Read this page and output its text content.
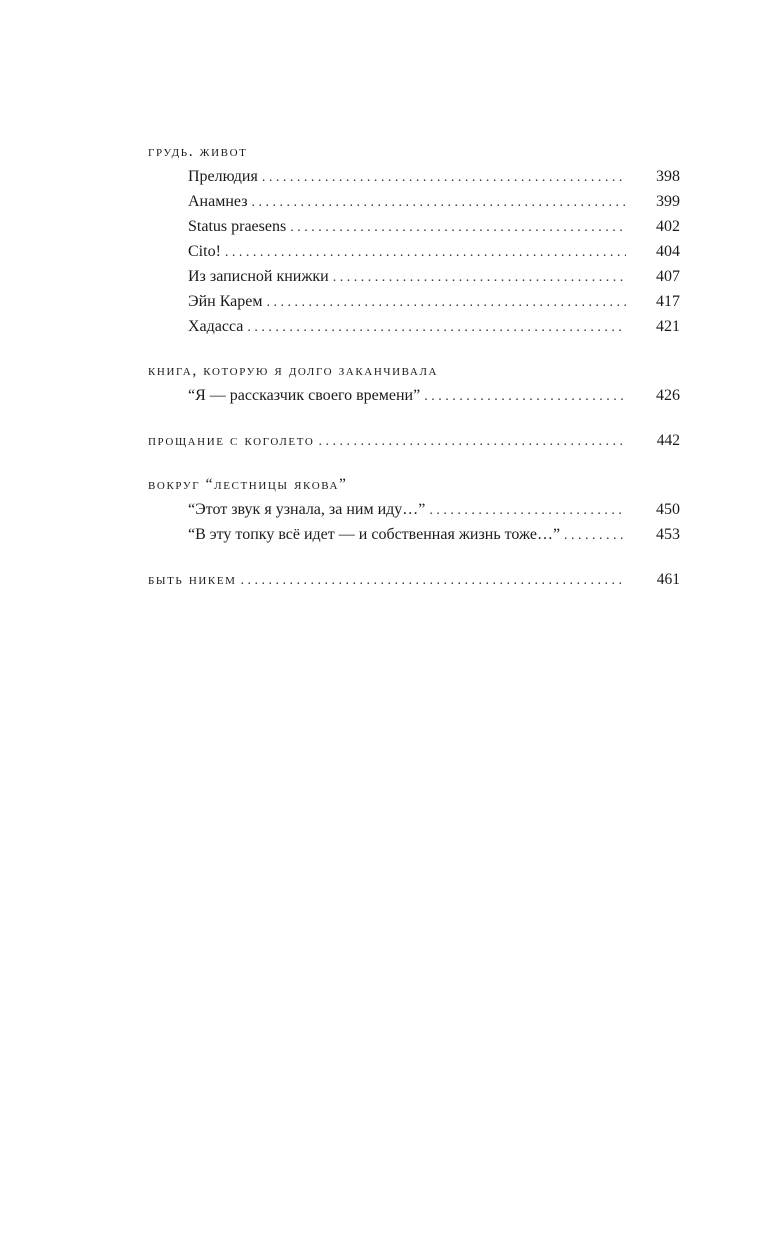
грудь. живот
Прелюдия . . .	398
Анамнез . . .	399
Status praesens . . .	402
Cito! . . .	404
Из записной книжки . . .	407
Эйн Карем . . .	417
Хадасса . . .	421
книга, которую я долго заканчивала
“Я — рассказчик своего времени” . . .	426
прощание с коголето . . .	442
вокруг “лестницы якова”
“Этот звук я узнала, за ним иду…” . . .	450
“В эту топку всё идет — и собственная жизнь тоже…” . . .	453
быть никем . . .	461
